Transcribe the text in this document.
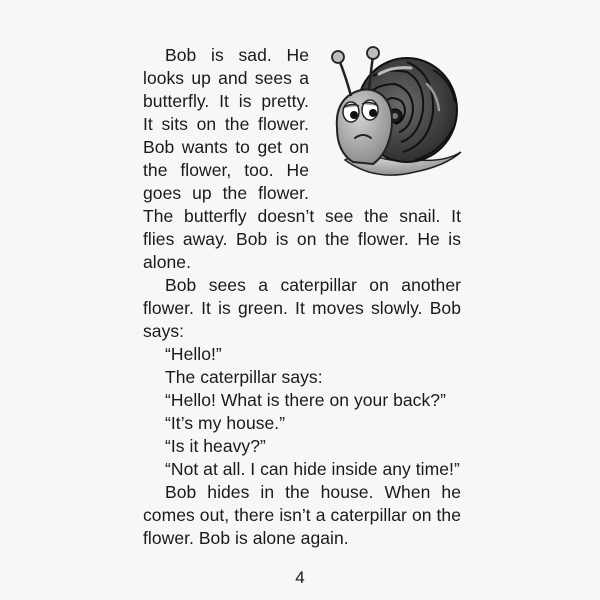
Bob is sad. He looks up and sees a butterfly. It is pretty. It sits on the flower. Bob wants to get on the flower, too. He goes up the flower. The butterfly doesn’t see the snail. It flies away. Bob is on the flower. He is alone.

Bob sees a caterpillar on another flower. It is green. It moves slowly. Bob says:

“Hello!”

The caterpillar says:

“Hello! What is there on your back?”

“It’s my house.”

“Is it heavy?”

“Not at all. I can hide inside any time!”

Bob hides in the house. When he comes out, there isn’t a caterpillar on the flower. Bob is alone again.

4
